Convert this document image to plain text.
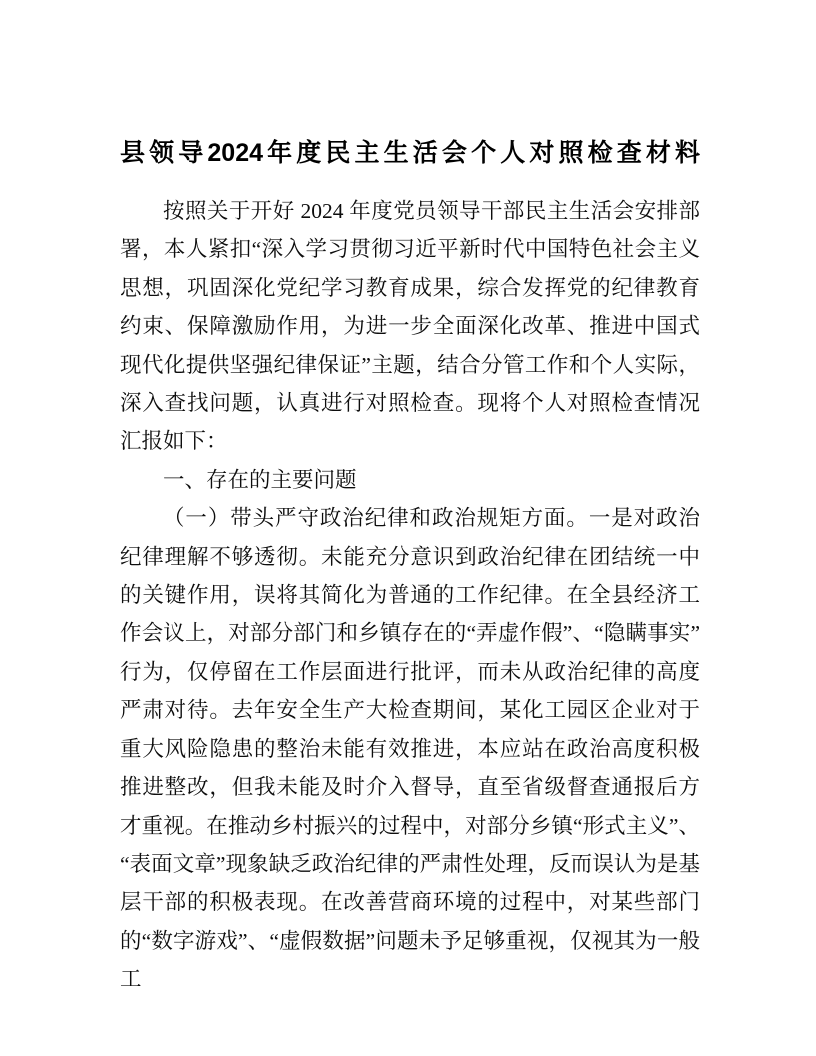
县领导2024年度民主生活会个人对照检查材料

按照关于开好 2024 年度党员领导干部民主生活会安排部署，本人紧扣“深入学习贯彻习近平新时代中国特色社会主义思想，巩固深化党纪学习教育成果，综合发挥党的纪律教育约束、保障激励作用，为进一步全面深化改革、推进中国式现代化提供坚强纪律保证”主题，结合分管工作和个人实际，深入查找问题，认真进行对照检查。现将个人对照检查情况汇报如下：

一、存在的主要问题

（一）带头严守政治纪律和政治规矩方面。一是对政治纪律理解不够透彻。未能充分意识到政治纪律在团结统一中的关键作用，误将其简化为普通的工作纪律。在全县经济工作会议上，对部分部门和乡镇存在的“弄虚作假”、“隐瞒事实”行为，仅停留在工作层面进行批评，而未从政治纪律的高度严肃对待。去年安全生产大检查期间，某化工园区企业对于重大风险隐患的整治未能有效推进，本应站在政治高度积极推进整改，但我未能及时介入督导，直至省级督查通报后方才重视。在推动乡村振兴的过程中，对部分乡镇“形式主义”、“表面文章”现象缺乏政治纪律的严肃性处理，反而误认为是基层干部的积极表现。在改善营商环境的过程中，对某些部门的“数字游戏”、“虚假数据”问题未予足够重视，仅视其为一般工
